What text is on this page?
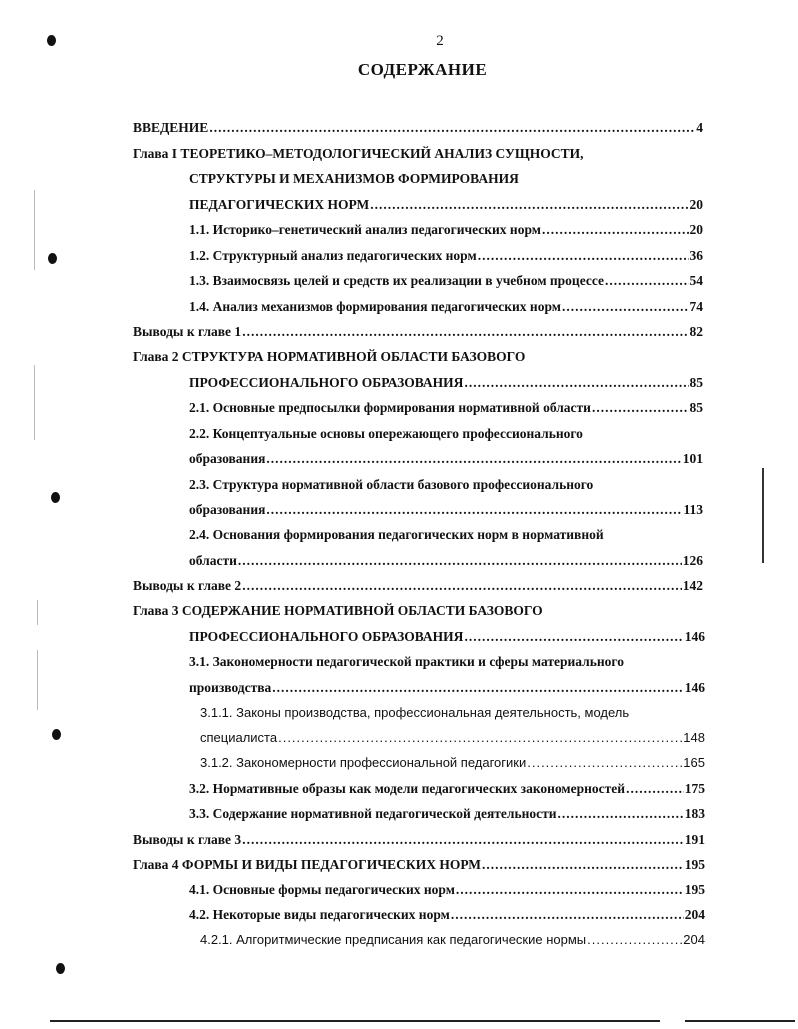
2
СОДЕРЖАНИЕ
ВВЕДЕНИЕ .....	4
Глава I ТЕОРЕТИКО–МЕТОДОЛОГИЧЕСКИЙ АНАЛИЗ СУЩНОСТИ,
СТРУКТУРЫ И МЕХАНИЗМОВ ФОРМИРОВАНИЯ
ПЕДАГОГИЧЕСКИХ НОРМ .....	20
1.1. Историко–генетический анализ педагогических норм .....	20
1.2. Структурный анализ педагогических норм .....	36
1.3. Взаимосвязь целей и средств их реализации в учебном процессе .....	54
1.4. Анализ механизмов формирования педагогических норм .....	74
Выводы к главе 1 .....	82
Глава 2 СТРУКТУРА НОРМАТИВНОЙ ОБЛАСТИ БАЗОВОГО
ПРОФЕССИОНАЛЬНОГО ОБРАЗОВАНИЯ .....	85
2.1. Основные предпосылки формирования нормативной области .....	85
2.2. Концептуальные основы опережающего профессионального
образования .....	101
2.3. Структура нормативной области базового профессионального
образования .....	113
2.4. Основания формирования педагогических норм в нормативной
области .....	126
Выводы к главе 2 .....	142
Глава 3 СОДЕРЖАНИЕ НОРМАТИВНОЙ ОБЛАСТИ БАЗОВОГО
ПРОФЕССИОНАЛЬНОГО ОБРАЗОВАНИЯ .....	146
3.1. Закономерности педагогической практики и сферы материального
производства .....	146
3.1.1. Законы производства, профессиональная деятельность, модель
специалиста .....	148
3.1.2. Закономерности профессиональной педагогики .....	165
3.2. Нормативные образы как модели педагогических закономерностей .....	175
3.3. Содержание нормативной педагогической деятельности .....	183
Выводы к главе 3 .....	191
Глава 4 ФОРМЫ И ВИДЫ ПЕДАГОГИЧЕСКИХ НОРМ .....	195
4.1. Основные формы педагогических норм .....	195
4.2. Некоторые виды педагогических норм .....	204
4.2.1. Алгоритмические предписания как педагогические нормы .....	204
